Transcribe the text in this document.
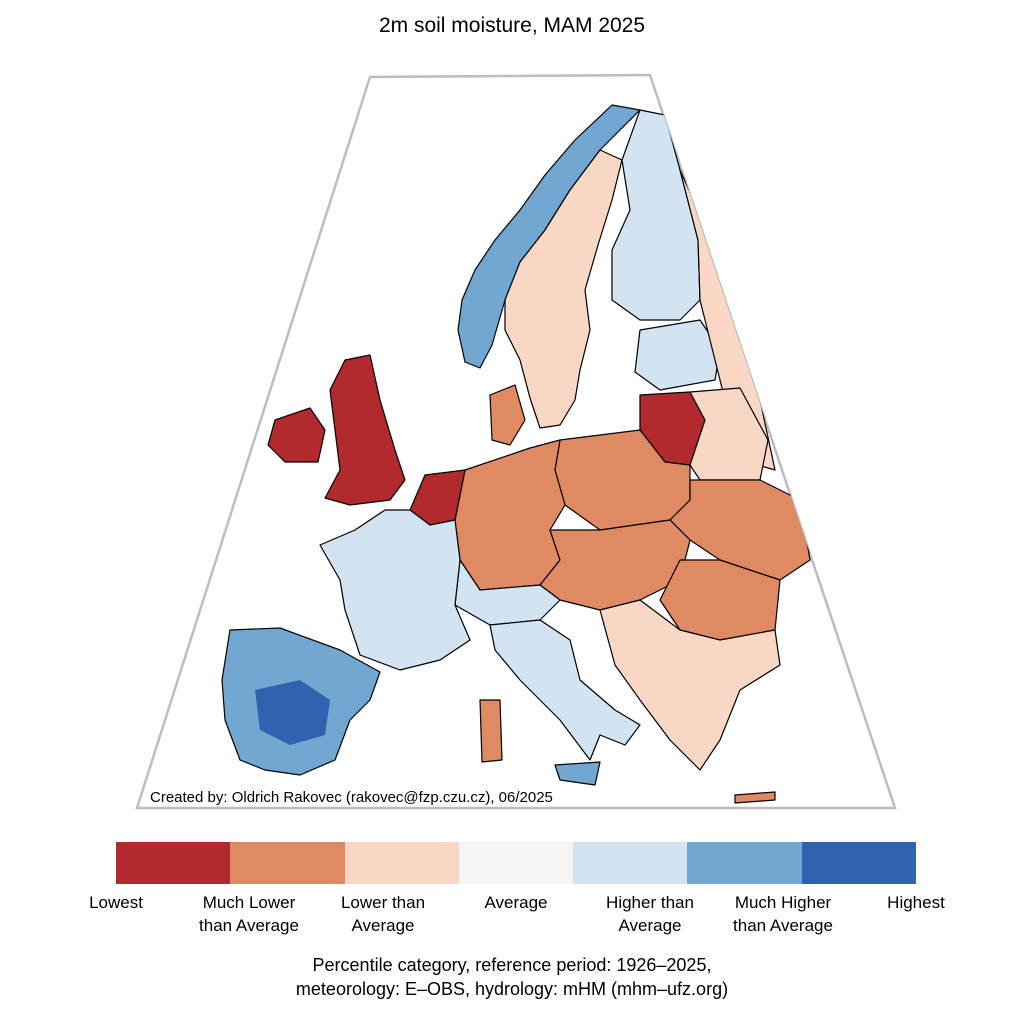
2m soil moisture, MAM 2025
Created by: Oldrich Rakovec (rakovec@fzp.czu.cz), 06/2025
Lowest	Much Lower
than Average
Lower than
Average
Average	Higher than
Average
Much Higher
than Average
Highest
Percentile category, reference period: 1926–2025,
meteorology: E–OBS, hydrology: mHM (mhm–ufz.org)
